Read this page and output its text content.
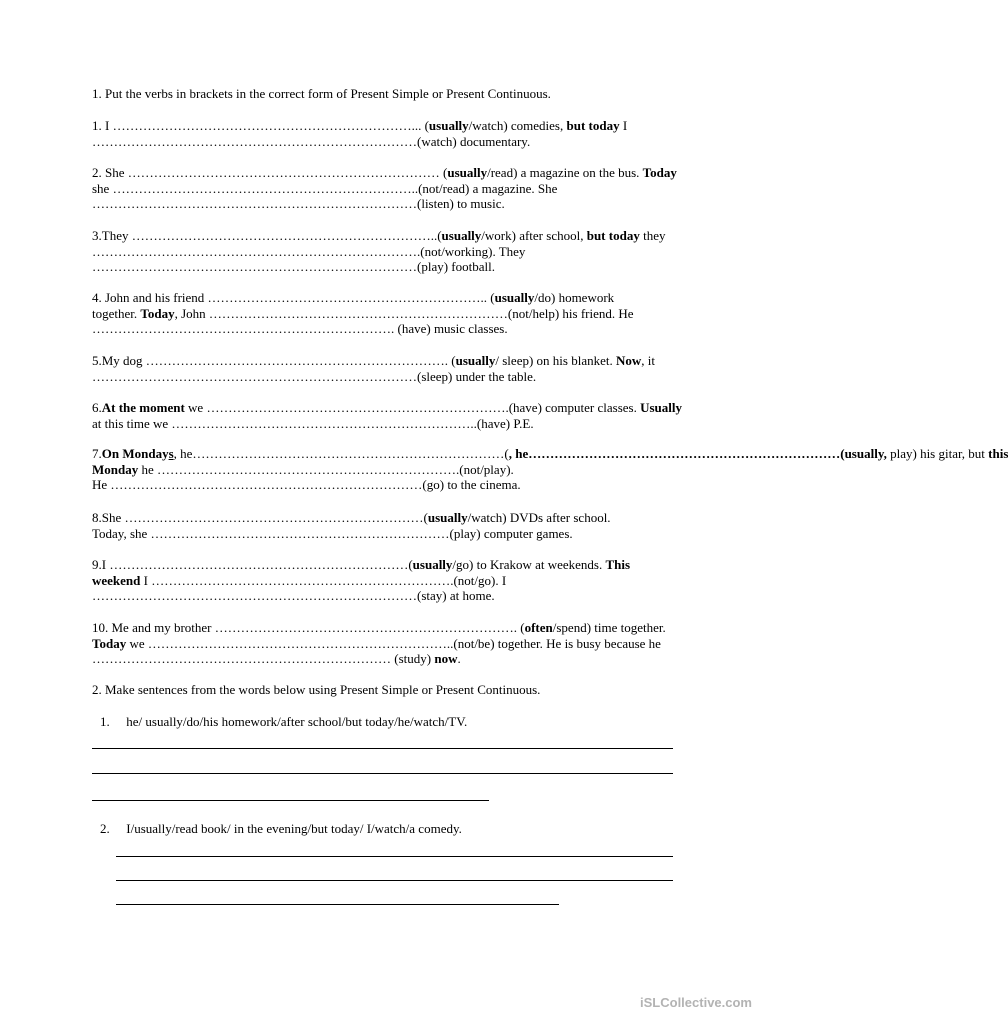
1. Put the verbs in brackets in the correct form of Present Simple or Present Continuous.

1. I ……………………………………………………………... (usually/watch) comedies, but today I
…………………………………………………………………(watch) documentary.

2. She ……………………………………………………………… (usually/read) a magazine on the bus. Today
she ……………………………………………………………..(not/read) a magazine. She
…………………………………………………………………(listen) to music.

3.They ……………………………………………………………..(usually/work) after school, but today they
………………………………………………………………….(not/working). They
…………………………………………………………………(play) football.

4. John and his friend ……………………………………………………….. (usually/do) homework
together. Today, John ……………………………………………………………(not/help) his friend. He
……………………………………………………………. (have) music classes.

5.My dog ……………………………………………………………. (usually/ sleep) on his blanket. Now, it
…………………………………………………………………(sleep) under the table.

6.At the moment we …………………………………………………………….(have) computer classes. Usually
at this time we ……………………………………………………………..(have) P.E.

7.On Mondays, he………………………………………………………………(, he………………………………………………………………(usually, play) his gitar, but this
Monday he …………………………………………………………….(not/play).
He ………………………………………………………………(go) to the cinema.

8.She ……………………………………………………………(usually/watch) DVDs after school.
Today, she ……………………………………………………………(play) computer games.

9.I ……………………………………………………………(usually/go) to Krakow at weekends. This
weekend I …………………………………………………………….(not/go). I
…………………………………………………………………(stay) at home.

10. Me and my brother ……………………………………………………………. (often/spend) time together.
Today we ……………………………………………………………..(not/be) together. He is busy because he
…………………………………………………………… (study) now.

2. Make sentences from the words below using Present Simple or Present Continuous.

1. he/ usually/do/his homework/after school/but today/he/watch/TV.

2. I/usually/read book/ in the evening/but today/ I/watch/a comedy.

iSLCollective.com
